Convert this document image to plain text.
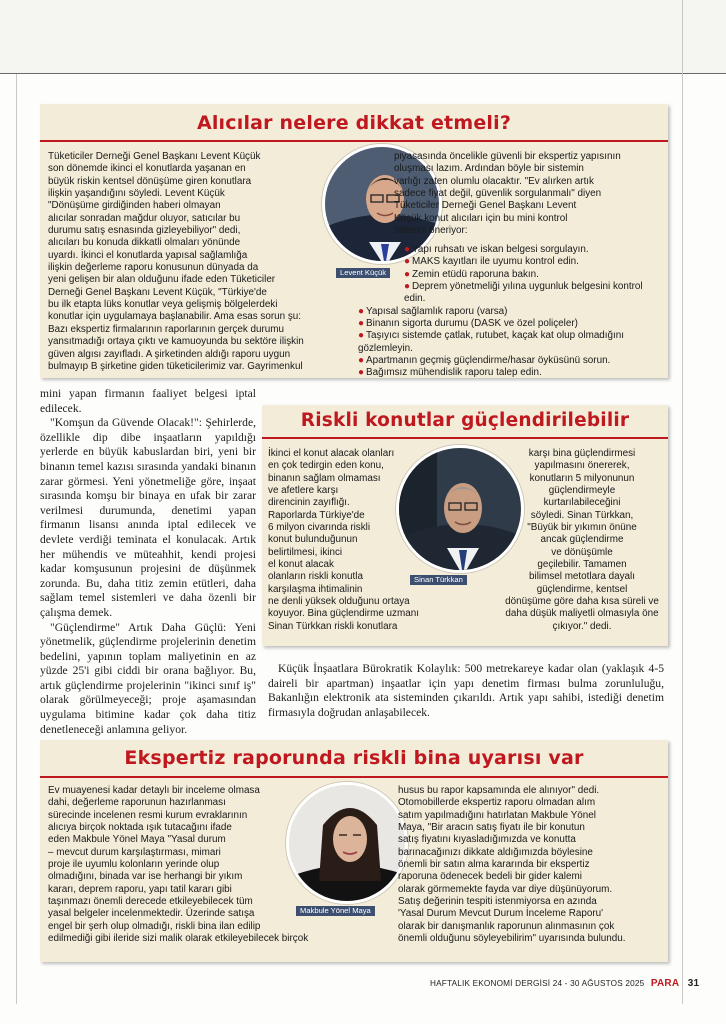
Alıcılar nelere dikkat etmeli?

Tüketiciler Derneği Genel Başkanı Levent Küçük

son dönemde ikinci el konutlarda yaşanan en

büyük riskin kentsel dönüşüme giren konutlara

ilişkin yaşandığını söyledi. Levent Küçük

"Dönüşüme girdiğinden haberi olmayan

alıcılar sonradan mağdur oluyor, satıcılar bu

durumu satış esnasında gizleyebiliyor" dedi,

alıcıları bu konuda dikkatli olmaları yönünde

uyardı. İkinci el konutlarda yapısal sağlamlığa

ilişkin değerleme raporu konusunun dünyada da

yeni gelişen bir alan olduğunu ifade eden Tüketiciler

Derneği Genel Başkanı Levent Küçük, "Türkiye'de

bu ilk etapta lüks konutlar veya gelişmiş bölgelerdeki

konutlar için uygulamaya başlanabilir. Ama esas sorun şu:

Bazı ekspertiz firmalarının raporlarının gerçek durumu

yansıtmadığı ortaya çıktı ve kamuoyunda bu sektöre ilişkin

güven algısı zayıfladı. A şirketinden aldığı raporu uygun

bulmayıp B şirketine giden tüketicilerimiz var. Gayrimenkul

Levent Küçük

piyasasında öncelikle güvenli bir ekspertiz yapısının

oluşması lazım. Ardından böyle bir sistemin

varlığı zaten olumlu olacaktır. "Ev alırken artık

sadece fiyat değil, güvenlik sorgulanmalı" diyen

Tüketiciler Derneği Genel Başkanı Levent

Küçük konut alıcıları için bu mini kontrol

listesini öneriyor:

● Yapı ruhsatı ve iskan belgesi sorgulayın.
● MAKS kayıtları ile uyumu kontrol edin.
● Zemin etüdü raporuna bakın.
● Deprem yönetmeliği yılına uygunluk belgesini kontrol edin.
● Yapısal sağlamlık raporu (varsa)
● Binanın sigorta durumu (DASK ve özel poliçeler)
● Taşıyıcı sistemde çatlak, rutubet, kaçak kat olup olmadığını gözlemleyin.
● Apartmanın geçmiş güçlendirme/hasar öyküsünü sorun.
● Bağımsız mühendislik raporu talep edin.

mini yapan firmanın faaliyet belgesi iptal edilecek.

"Komşun da Güvende Olacak!": Şehirlerde, özellikle dip dibe inşaatların yapıldığı yerlerde en büyük kabuslardan biri, yeni bir binanın temel kazısı sırasında yandaki binanın zarar görmesi. Yeni yönetmeliğe göre, inşaat sırasında komşu bir binaya en ufak bir zarar verilmesi durumunda, denetimi yapan firmanın lisansı anında iptal edilecek ve devlete verdiği teminata el konulacak. Artık her mühendis ve müteahhit, kendi projesi kadar komşusunun projesini de düşünmek zorunda. Bu, daha titiz zemin etütleri, daha sağlam temel sistemleri ve daha özenli bir çalışma demek.

"Güçlendirme" Artık Daha Güçlü: Yeni yönetmelik, güçlendirme projelerinin denetim bedelini, yapının toplam maliyetinin en az yüzde 25'i gibi ciddi bir orana bağlıyor. Bu, artık güçlendirme projelerinin "ikinci sınıf iş" olarak görülmeyeceği; proje aşamasından uygulama bitimine kadar çok daha titiz denetleneceği anlamına geliyor.

Riskli konutlar güçlendirilebilir

İkinci el konut alacak olanları

en çok tedirgin eden konu,

binanın sağlam olmaması

ve afetlere karşı

direncinin zayıflığı.

Raporlarda Türkiye'de

6 milyon civarında riskli

konut bulunduğunun

belirtilmesi, ikinci

el konut alacak

olanların riskli konutla

karşılaşma ihtimalinin

ne denli yüksek olduğunu ortaya

koyuyor. Bina güçlendirme uzmanı

Sinan Türkkan riskli konutlara

Sinan Türkkan

karşı bina güçlendirmesi

yapılmasını önererek,

konutların 5 milyonunun

güçlendirmeyle

kurtarılabileceğini

söyledi. Sinan Türkkan,

"Büyük bir yıkımın önüne

ancak güçlendirme

ve dönüşümle

geçilebilir. Tamamen

bilimsel metotlara dayalı

güçlendirme, kentsel

dönüşüme göre daha kısa süreli ve

daha düşük maliyetli olmasıyla öne

çıkıyor." dedi.

Küçük İnşaatlara Bürokratik Kolaylık: 500 metrekareye kadar olan (yaklaşık 4-5 daireli bir apartman) inşaatlar için yapı denetim firması bulma zorunluluğu, Bakanlığın elektronik ata sisteminden çıkarıldı. Artık yapı sahibi, istediği denetim firmasıyla doğrudan anlaşabilecek.

Ekspertiz raporunda riskli bina uyarısı var

Ev muayenesi kadar detaylı bir inceleme olmasa

dahi, değerleme raporunun hazırlanması

sürecinde incelenen resmi kurum evraklarının

alıcıya birçok noktada ışık tutacağını ifade

eden Makbule Yönel Maya "Yasal durum

– mevcut durum karşılaştırması, mimari

proje ile uyumlu kolonların yerinde olup

olmadığını, binada var ise herhangi bir yıkım

kararı, deprem raporu, yapı tatil kararı gibi

taşınmazı önemli derecede etkileyebilecek tüm

yasal belgeler incelenmektedir. Üzerinde satışa

engel bir şerh olup olmadığı, riskli bina ilan edilip

edilmediği gibi ileride sizi malik olarak etkileyebilecek birçok

Makbule Yönel Maya

husus bu rapor kapsamında ele alınıyor" dedi.

Otomobillerde ekspertiz raporu olmadan alım

satım yapılmadığını hatırlatan Makbule Yönel

Maya, "Bir aracın satış fiyatı ile bir konutun

satış fiyatını kıyasladığımızda ve konutta

barınacağınızı dikkate aldığımızda böylesine

önemli bir satın alma kararında bir ekspertiz

raporuna ödenecek bedeli bir gider kalemi

olarak görmemekte fayda var diye düşünüyorum.

Satış değerinin tespiti istenmiyorsa en azında

'Yasal Durum Mevcut Durum İnceleme Raporu'

olarak bir danışmanlık raporunun alınmasının çok

önemli olduğunu söyleyebilirim" uyarısında bulundu.

HAFTALIK EKONOMİ DERGİSİ 24 - 30 AĞUSTOS 2025 PARA 31
